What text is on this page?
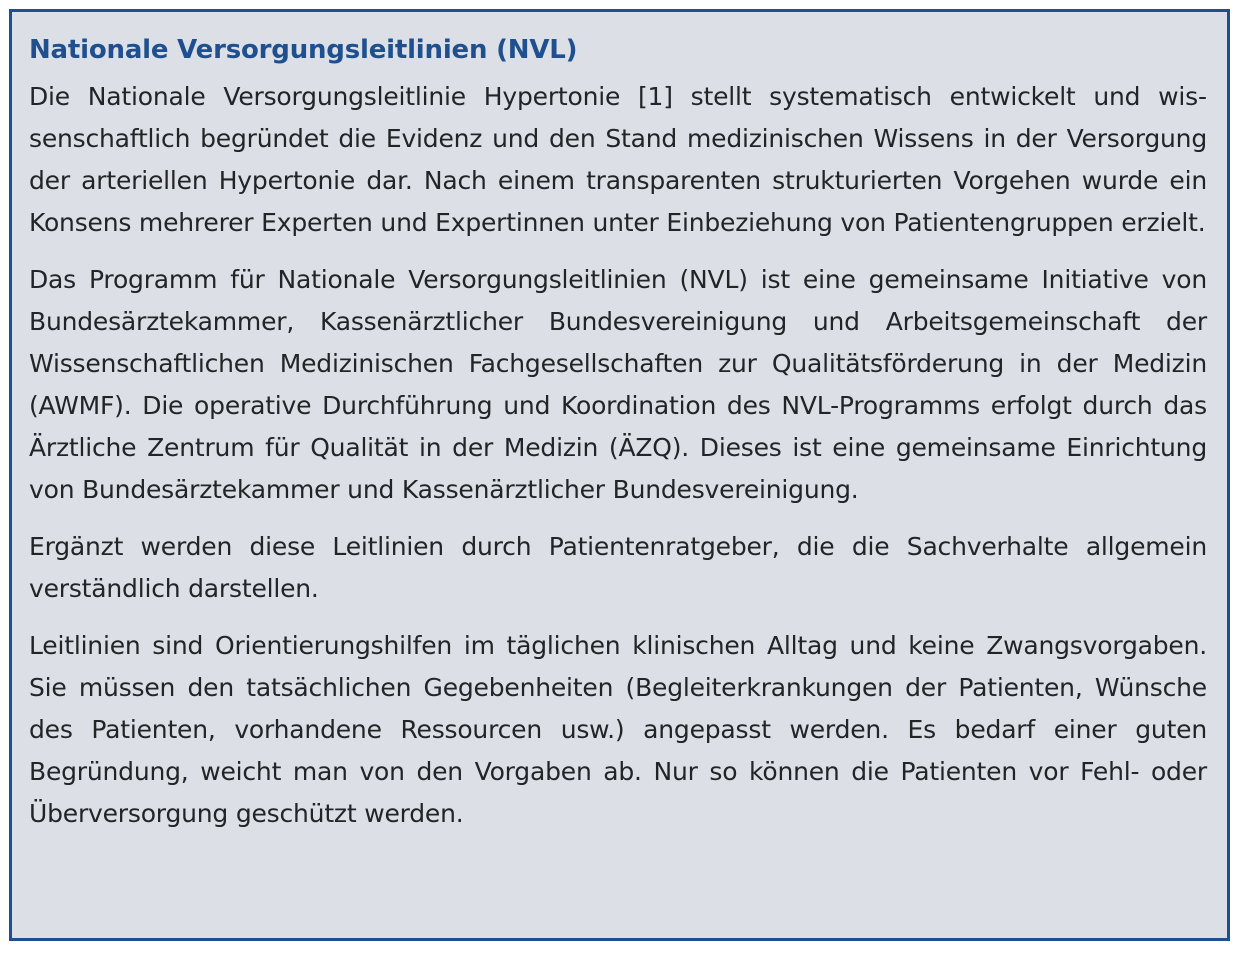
Nationale Versorgungsleitlinien (NVL)

Die Nationale Versorgungsleitlinie Hypertonie [1] stellt systematisch entwickelt und wissenschaftlich begründet die Evidenz und den Stand medizinischen Wissens in der Versorgung der arteriellen Hypertonie dar. Nach einem transparenten strukturierten Vorgehen wurde ein Konsens mehrerer Experten und Expertinnen unter Einbeziehung von Patientengruppen erzielt.

Das Programm für Nationale Versorgungsleitlinien (NVL) ist eine gemeinsame Initiative von Bundesärztekammer, Kassenärztlicher Bundesvereinigung und Arbeitsgemeinschaft der Wissenschaftlichen Medizinischen Fachgesellschaften zur Qualitätsförderung in der Medizin (AWMF). Die operative Durchführung und Koordination des NVL-Programms erfolgt durch das Ärztliche Zentrum für Qualität in der Medizin (ÄZQ). Dieses ist eine gemeinsame Einrichtung von Bundesärztekammer und Kassenärztlicher Bundesvereinigung.

Ergänzt werden diese Leitlinien durch Patientenratgeber, die die Sachverhalte allgemein verständlich darstellen.

Leitlinien sind Orientierungshilfen im täglichen klinischen Alltag und keine Zwangsvorgaben. Sie müssen den tatsächlichen Gegebenheiten (Begleiterkrankungen der Patienten, Wünsche des Patienten, vorhandene Ressourcen usw.) angepasst werden. Es bedarf einer guten Begründung, weicht man von den Vorgaben ab. Nur so können die Patienten vor Fehl- oder Überversorgung geschützt werden.
